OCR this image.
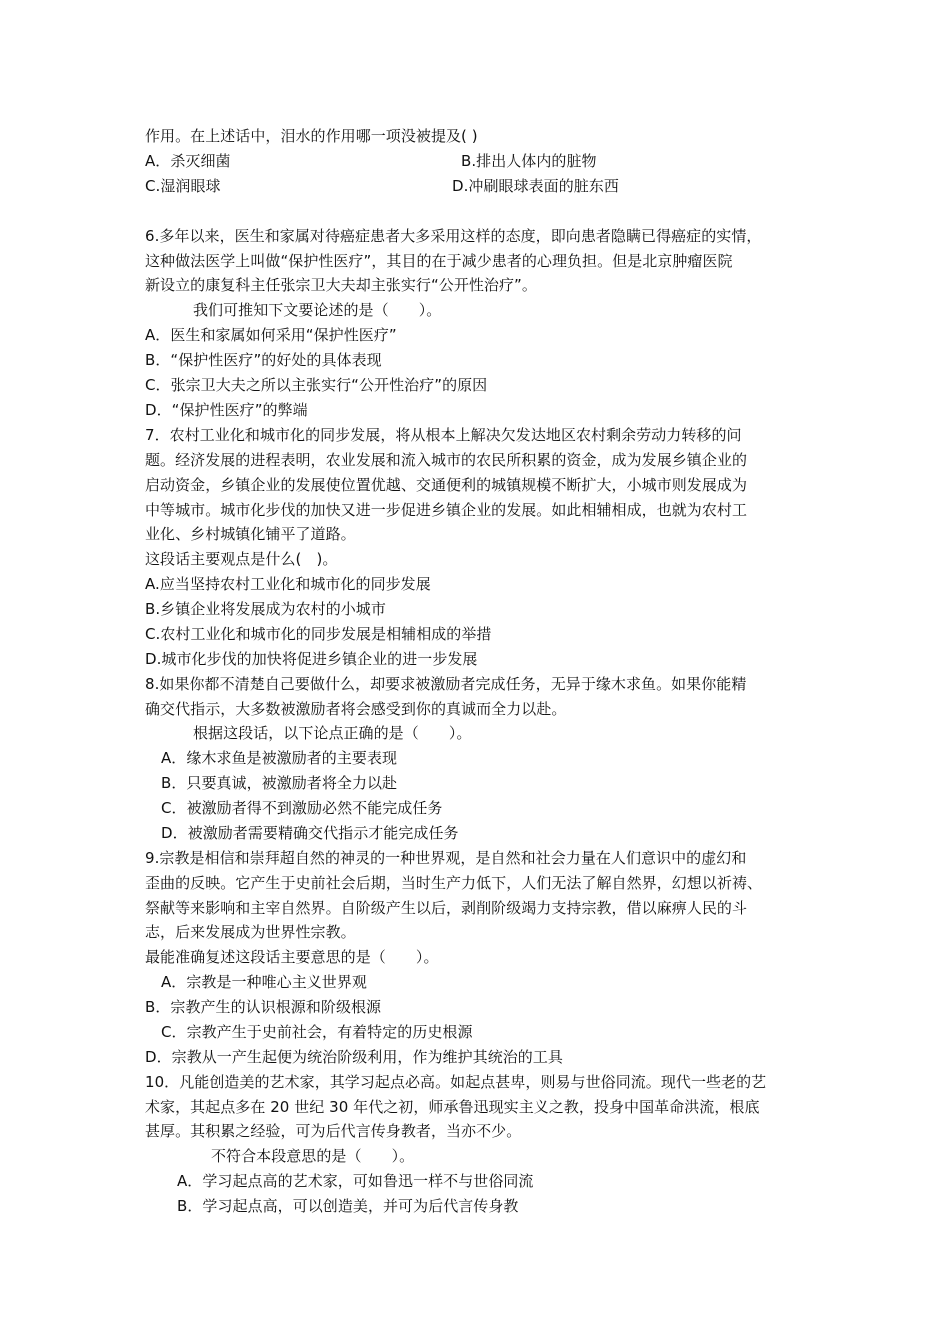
作用。在上述话中，泪水的作用哪一项没被提及( )
A．杀灭细菌	B.排出人体内的脏物
C.湿润眼球	D.冲刷眼球表面的脏东西
6.多年以来，医生和家属对待癌症患者大多采用这样的态度，即向患者隐瞒已得癌症的实情，
这种做法医学上叫做“保护性医疗”，其目的在于减少患者的心理负担。但是北京肿瘤医院
新设立的康复科主任张宗卫大夫却主张实行“公开性治疗”。
我们可推知下文要论述的是（　　）。
A．医生和家属如何采用“保护性医疗”
B．“保护性医疗”的好处的具体表现
C．张宗卫大夫之所以主张实行“公开性治疗”的原因
D．“保护性医疗”的弊端
7．农村工业化和城市化的同步发展，将从根本上解决欠发达地区农村剩余劳动力转移的问
题。经济发展的进程表明，农业发展和流入城市的农民所积累的资金，成为发展乡镇企业的
启动资金，乡镇企业的发展使位置优越、交通便利的城镇规模不断扩大，小城市则发展成为
中等城市。城市化步伐的加快又进一步促进乡镇企业的发展。如此相辅相成，也就为农村工
业化、乡村城镇化铺平了道路。
这段话主要观点是什么(　)。
A.应当坚持农村工业化和城市化的同步发展
B.乡镇企业将发展成为农村的小城市
C.农村工业化和城市化的同步发展是相辅相成的举措
D.城市化步伐的加快将促进乡镇企业的进一步发展
8.如果你都不清楚自己要做什么，却要求被激励者完成任务，无异于缘木求鱼。如果你能精
确交代指示，大多数被激励者将会感受到你的真诚而全力以赴。
根据这段话，以下论点正确的是（　　）。
A．缘木求鱼是被激励者的主要表现
B．只要真诚，被激励者将全力以赴
C．被激励者得不到激励必然不能完成任务
D．被激励者需要精确交代指示才能完成任务
9.宗教是相信和崇拜超自然的神灵的一种世界观，是自然和社会力量在人们意识中的虚幻和
歪曲的反映。它产生于史前社会后期，当时生产力低下，人们无法了解自然界，幻想以祈祷、
祭献等来影响和主宰自然界。自阶级产生以后，剥削阶级竭力支持宗教，借以麻痹人民的斗
志，后来发展成为世界性宗教。
最能准确复述这段话主要意思的是（　　）。
A．宗教是一种唯心主义世界观
B．宗教产生的认识根源和阶级根源
C．宗教产生于史前社会，有着特定的历史根源
D．宗教从一产生起便为统治阶级利用，作为维护其统治的工具
10．凡能创造美的艺术家，其学习起点必高。如起点甚卑，则易与世俗同流。现代一些老的艺
术家，其起点多在 20 世纪 30 年代之初，师承鲁迅现实主义之教，投身中国革命洪流，根底
甚厚。其积累之经验，可为后代言传身教者，当亦不少。
不符合本段意思的是（　　）。
A．学习起点高的艺术家，可如鲁迅一样不与世俗同流
B．学习起点高，可以创造美，并可为后代言传身教
